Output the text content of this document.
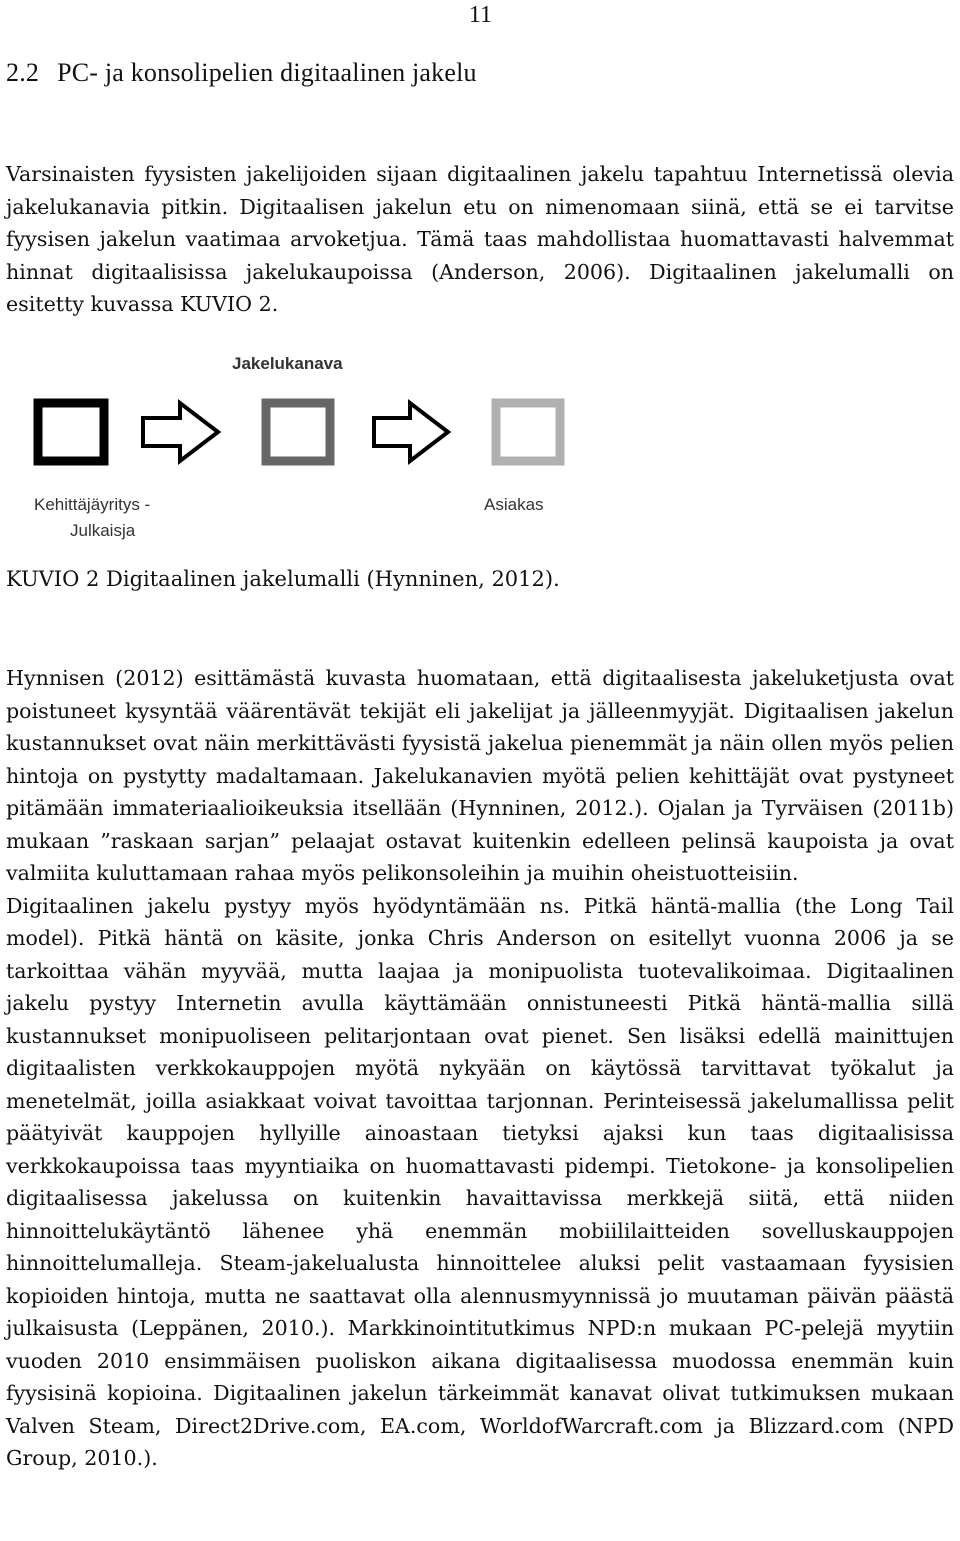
11
2.2 PC- ja konsolipelien digitaalinen jakelu

Varsinaisten fyysisten jakelijoiden sijaan digitaalinen jakelu tapahtuu Internetissä olevia jakelukanavia pitkin. Digitaalisen jakelun etu on nimenomaan siinä, että se ei tarvitse fyysisen jakelun vaatimaa arvoketjua. Tämä taas mahdollistaa huomattavasti halvemmat hinnat digitaalisissa jakelukaupoissa (Anderson, 2006). Digitaalinen jakelumalli on esitetty kuvassa KUVIO 2.

Jakelukanava
Kehittäjäyritys -
Julkaisja
Asiakas

KUVIO 2 Digitaalinen jakelumalli (Hynninen, 2012).

Hynnisen (2012) esittämästä kuvasta huomataan, että digitaalisesta jakeluketjusta ovat poistuneet kysyntää väärentävät tekijät eli jakelijat ja jälleenmyyjät. Digitaalisen jakelun kustannukset ovat näin merkittävästi fyysistä jakelua pienemmät ja näin ollen myös pelien hintoja on pystytty madaltamaan. Jakelukanavien myötä pelien kehittäjät ovat pystyneet pitämään immateriaalioikeuksia itsellään (Hynninen, 2012.). Ojalan ja Tyrväisen (2011b) mukaan ”raskaan sarjan” pelaajat ostavat kuitenkin edelleen pelinsä kaupoista ja ovat valmiita kuluttamaan rahaa myös pelikonsoleihin ja muihin oheistuotteisiin.
Digitaalinen jakelu pystyy myös hyödyntämään ns. Pitkä häntä-mallia (the Long Tail model). Pitkä häntä on käsite, jonka Chris Anderson on esitellyt vuonna 2006 ja se tarkoittaa vähän myyvää, mutta laajaa ja monipuolista tuotevalikoimaa. Digitaalinen jakelu pystyy Internetin avulla käyttämään onnistuneesti Pitkä häntä-mallia sillä kustannukset monipuoliseen pelitarjontaan ovat pienet. Sen lisäksi edellä mainittujen digitaalisten verkkokauppojen myötä nykyään on käytössä tarvittavat työkalut ja menetelmät, joilla asiakkaat voivat tavoittaa tarjonnan. Perinteisessä jakelumallissa pelit päätyivät kauppojen hyllyille ainoastaan tietyksi ajaksi kun taas digitaalisissa verkkokaupoissa taas myyntiaika on huomattavasti pidempi. Tietokone- ja konsolipelien digitaalisessa jakelussa on kuitenkin havaittavissa merkkejä siitä, että niiden hinnoittelukäytäntö lähenee yhä enemmän mobiililaitteiden sovelluskauppojen hinnoittelumalleja. Steam-jakelualusta hinnoittelee aluksi pelit vastaamaan fyysisien kopioiden hintoja, mutta ne saattavat olla alennusmyynnissä jo muutaman päivän päästä julkaisusta (Leppänen, 2010.). Markkinointitutkimus NPD:n mukaan PC-pelejä myytiin vuoden 2010 ensimmäisen puoliskon aikana digitaalisessa muodossa enemmän kuin fyysisinä kopioina. Digitaalinen jakelun tärkeimmät kanavat olivat tutkimuksen mukaan Valven Steam, Direct2Drive.com, EA.com, WorldofWarcraft.com ja Blizzard.com (NPD Group, 2010.).
